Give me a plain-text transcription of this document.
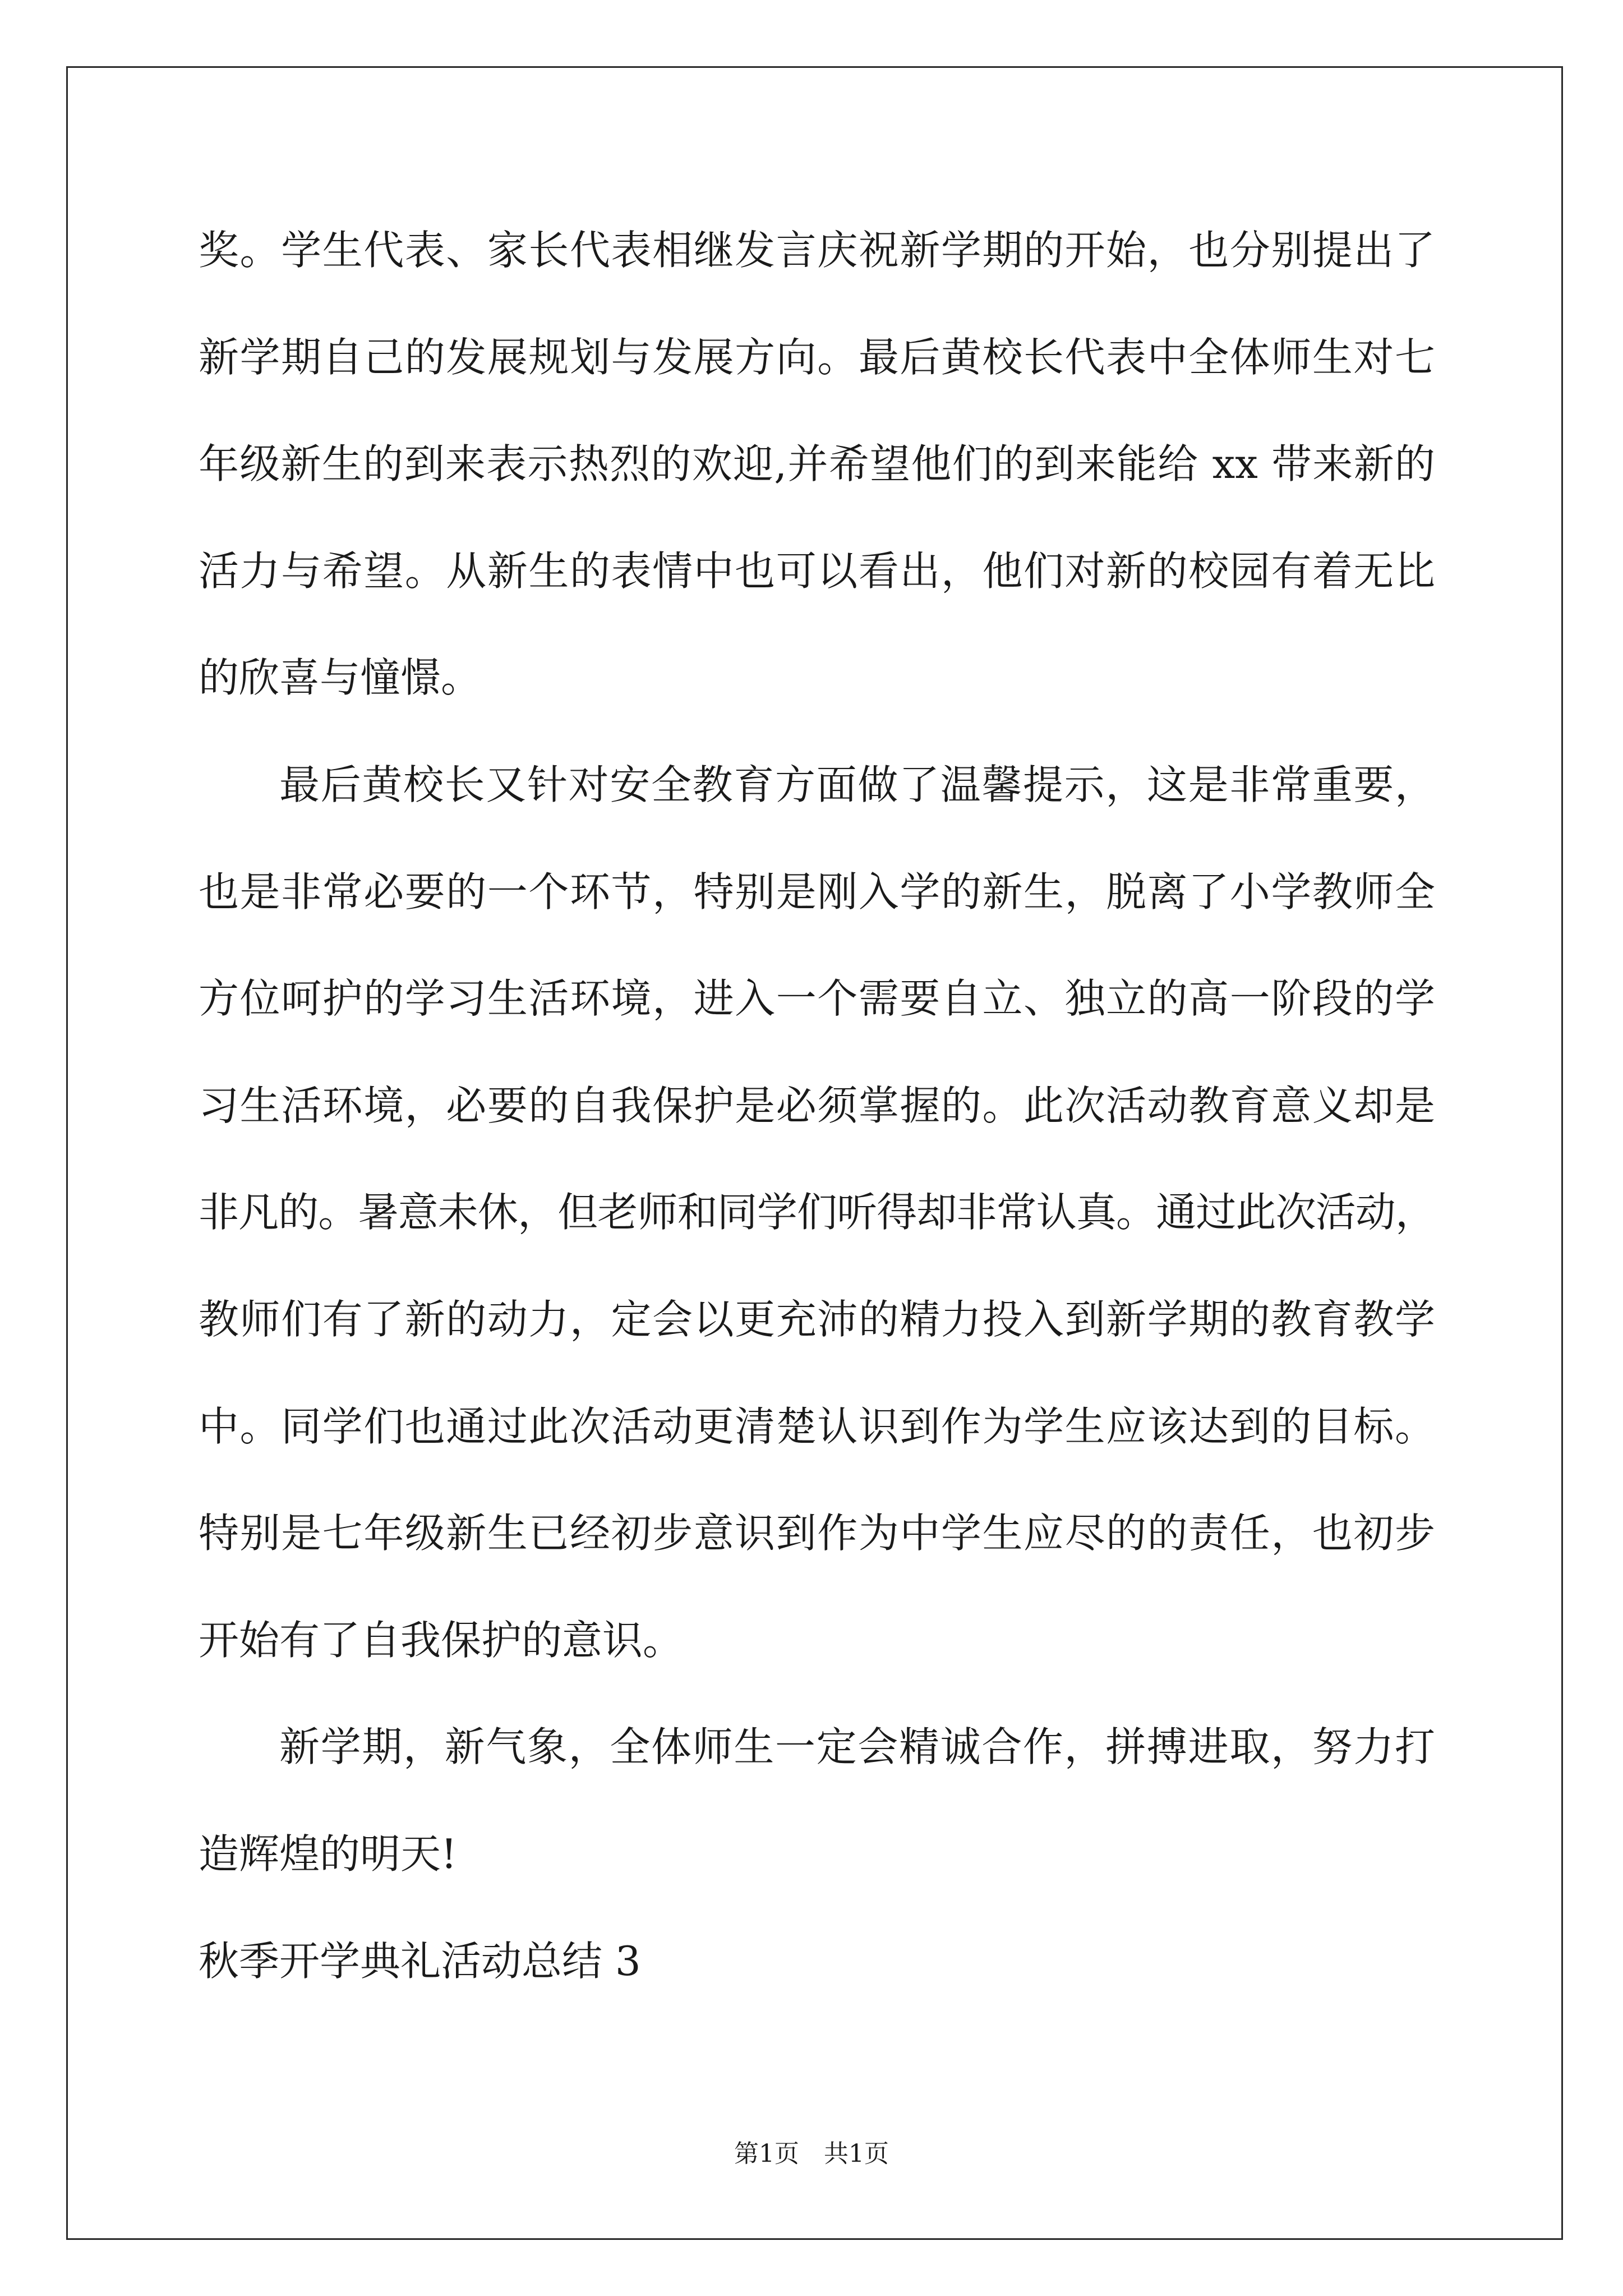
奖。学生代表、家长代表相继发言庆祝新学期的开始，也分别提出了
新学期自己的发展规划与发展方向。最后黄校长代表中全体师生对七
年级新生的到来表示热烈的欢迎,并希望他们的到来能给 xx 带来新的
活力与希望。从新生的表情中也可以看出，他们对新的校园有着无比
的欣喜与憧憬。
最后黄校长又针对安全教育方面做了温馨提示，这是非常重要，
也是非常必要的一个环节，特别是刚入学的新生，脱离了小学教师全
方位呵护的学习生活环境，进入一个需要自立、独立的高一阶段的学
习生活环境，必要的自我保护是必须掌握的。此次活动教育意义却是
非凡的。暑意未休，但老师和同学们听得却非常认真。通过此次活动，
教师们有了新的动力，定会以更充沛的精力投入到新学期的教育教学
中。同学们也通过此次活动更清楚认识到作为学生应该达到的目标。
特别是七年级新生已经初步意识到作为中学生应尽的的责任，也初步
开始有了自我保护的意识。
新学期，新气象，全体师生一定会精诚合作，拼搏进取，努力打
造辉煌的明天!
秋季开学典礼活动总结 3
第1页 共1页
